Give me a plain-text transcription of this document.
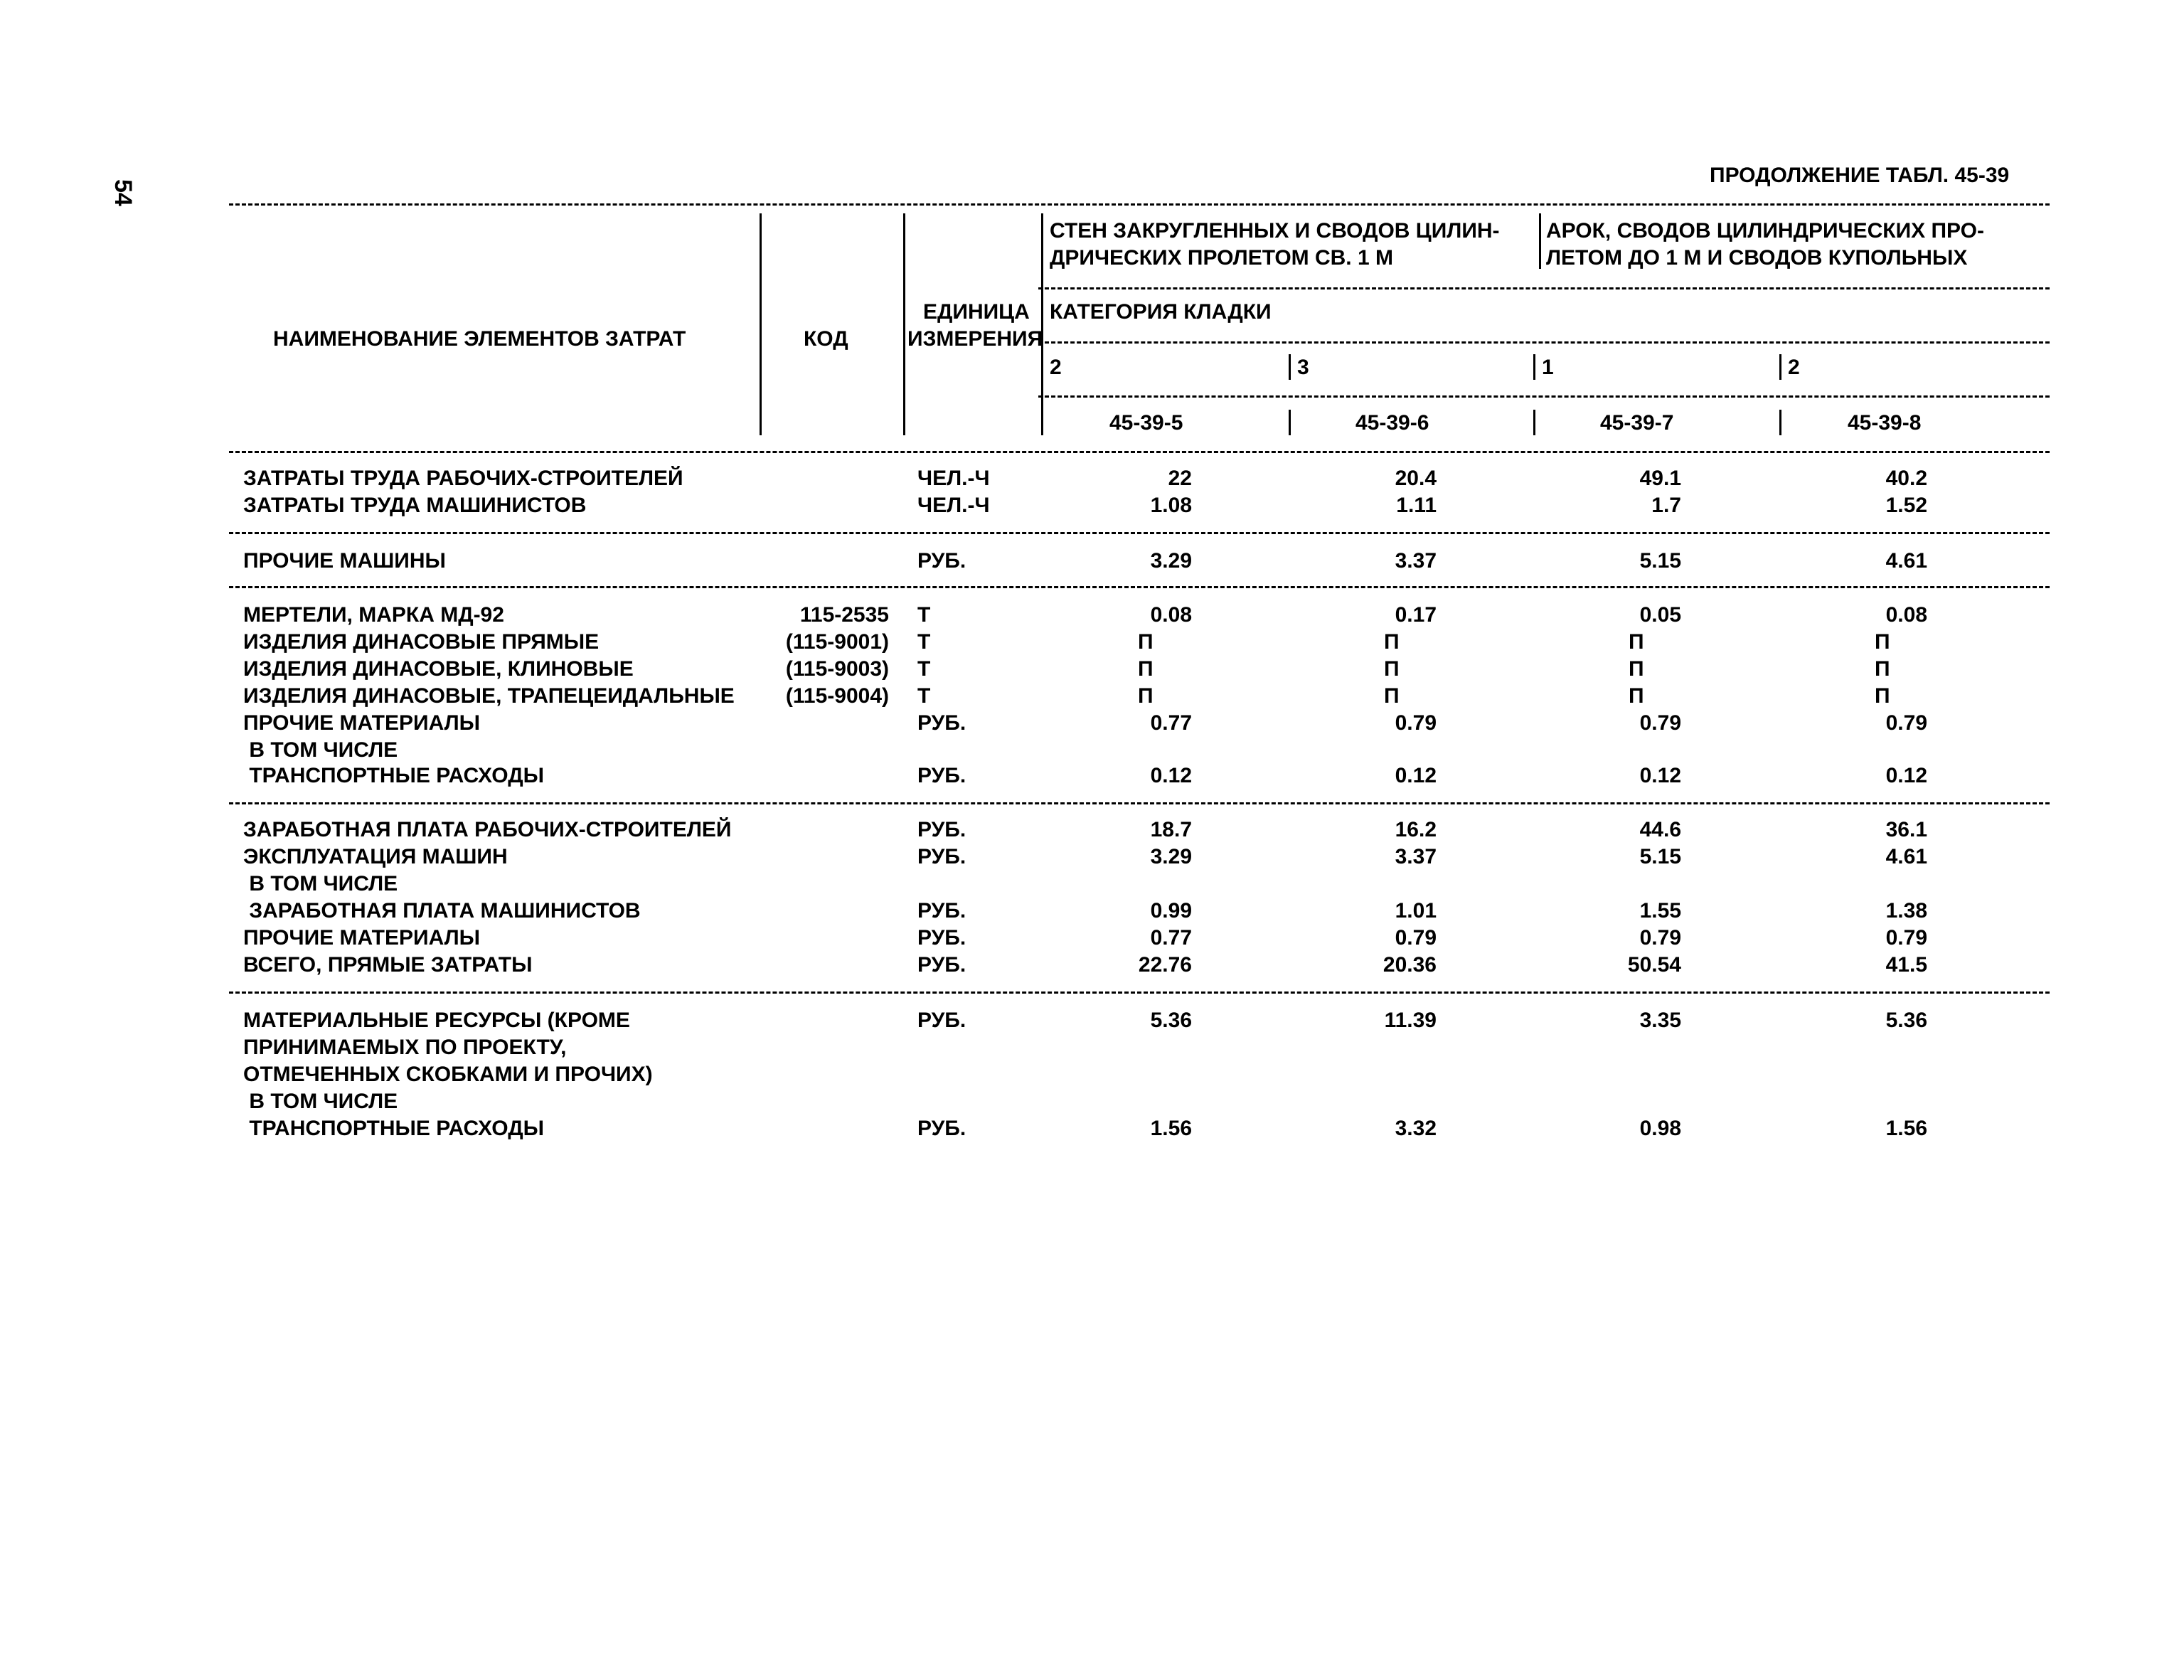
54
ПРОДОЛЖЕНИЕ ТАБЛ. 45-39
НАИМЕНОВАНИЕ ЭЛЕМЕНТОВ ЗАТРАТ	КОД
ЕДИНИЦА
ИЗМЕРЕНИЯ
СТЕН ЗАКРУГЛЕННЫХ И СВОДОВ ЦИЛИН-
ДРИЧЕСКИХ ПРОЛЕТОМ СВ. 1 М
АРОК, СВОДОВ ЦИЛИНДРИЧЕСКИХ ПРО-
ЛЕТОМ ДО 1 М И СВОДОВ КУПОЛЬНЫХ
КАТЕГОРИЯ КЛАДКИ
2	3	1	2
45-39-5	45-39-6	45-39-7	45-39-8
ЗАТРАТЫ ТРУДА РАБОЧИХ-СТРОИТЕЛЕЙ	ЧЕЛ.-Ч	22	20.4	49.1	40.2
ЗАТРАТЫ ТРУДА МАШИНИСТОВ	ЧЕЛ.-Ч	1.08	1.11	1.7	1.52
ПРОЧИЕ МАШИНЫ	РУБ.	3.29	3.37	5.15	4.61
МЕРТЕЛИ, МАРКА МД-92	115-2535 Т	0.08	0.17	0.05	0.08
ИЗДЕЛИЯ ДИНАСОВЫЕ ПРЯМЫЕ	(115-9001) Т	П	П	П	П
ИЗДЕЛИЯ ДИНАСОВЫЕ, КЛИНОВЫЕ	(115-9003) Т	П	П	П	П
ИЗДЕЛИЯ ДИНАСОВЫЕ, ТРАПЕЦЕИДАЛЬНЫЕ (115-9004) Т	П	П	П	П
ПРОЧИЕ МАТЕРИАЛЫ	РУБ.	0.77	0.79	0.79	0.79
В ТОМ ЧИСЛЕ
ТРАНСПОРТНЫЕ РАСХОДЫ	РУБ.	0.12	0.12	0.12	0.12
ЗАРАБОТНАЯ ПЛАТА РАБОЧИХ-СТРОИТЕЛЕЙ	РУБ.	18.7	16.2	44.6	36.1
ЭКСПЛУАТАЦИЯ МАШИН	РУБ.	3.29	3.37	5.15	4.61
В ТОМ ЧИСЛЕ
ЗАРАБОТНАЯ ПЛАТА МАШИНИСТОВ	РУБ.	0.99	1.01	1.55	1.38
ПРОЧИЕ МАТЕРИАЛЫ	РУБ.	0.77	0.79	0.79	0.79
ВСЕГО, ПРЯМЫЕ ЗАТРАТЫ	РУБ.	22.76	20.36	50.54	41.5
МАТЕРИАЛЬНЫЕ РЕСУРСЫ (КРОМЕ	РУБ.	5.36	11.39	3.35	5.36
ПРИНИМАЕМЫХ ПО ПРОЕКТУ,
ОТМЕЧЕННЫХ СКОБКАМИ И ПРОЧИХ)
В ТОМ ЧИСЛЕ
ТРАНСПОРТНЫЕ РАСХОДЫ	РУБ.	1.56	3.32	0.98	1.56
